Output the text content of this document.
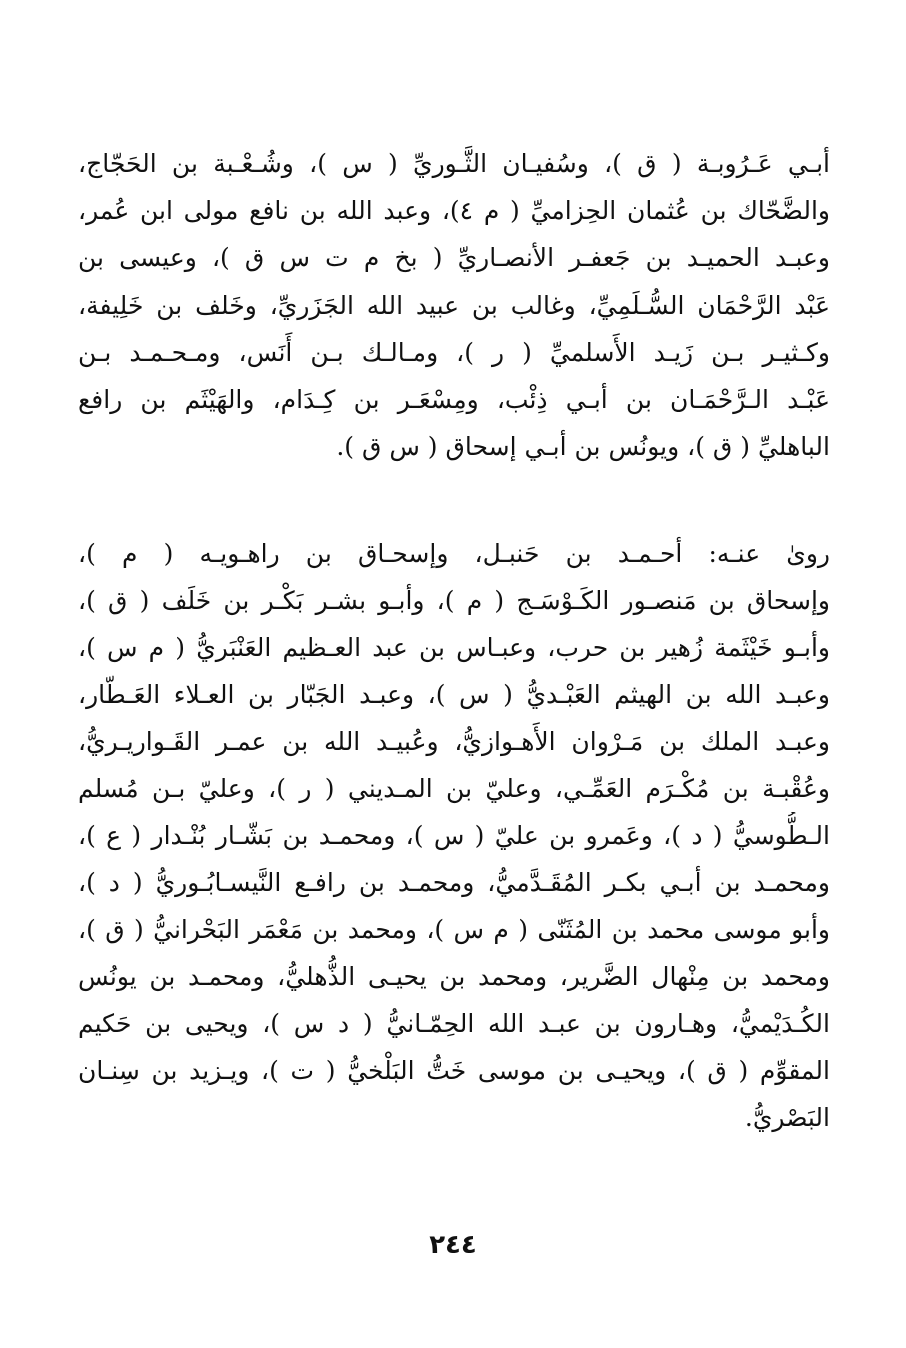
أبـي عَـرُوبـة ( ق )، وسُفيـان الثَّـوريِّ ( س )، وشُـعْـبة بن الحَجّاج،
والضَّحّاك بن عُثمان الحِزاميِّ ( م ٤)، وعبد الله بن نافع مولى ابن عُمر،
وعبـد الحميـد بن جَعفـر الأنصـاريِّ ( بخ م ت س ق )، وعيسى بن
عَبْد الرَّحْمَان السُّـلَمِيِّ، وغالب بن عبيد الله الجَزَريِّ، وخَلف بن خَلِيفة،
وكـثيـر بـن زَيـد الأَسلميِّ ( ر )، ومـالـك بـن أَنَس، ومـحـمـد بـن
عَبْـد الـرَّحْمَـان بن أبـي ذِئْب، ومِسْعَـر بن كِـدَام، والهَيْثَم بن رافع
الباهليِّ ( ق )، ويونُس بن أبـي إسحاق ( س ق ).
روىٰ عنـه: أحـمـد بن حَنبـل، وإسحـاق بن راهـويـه ( م )،
وإسحاق بن مَنصـور الكَـوْسَـج ( م )، وأبـو بشـر بَكْـر بن خَلَف ( ق )،
وأبـو خَيْثَمة زُهير بن حرب، وعبـاس بن عبد العـظيم العَنْبَريُّ ( م س )،
وعبـد الله بن الهيثم العَبْـديُّ ( س )، وعبـد الجَبّار بن العـلاء العَـطّار،
وعبـد الملك بن مَـرْوان الأَهـوازيُّ، وعُبيـد الله بن عمـر القَـواريـريُّ،
وعُقْبـة بن مُكْـرَم العَمِّـي، وعليّ بن المـديني ( ر )، وعليّ بـن مُسلم
الـطُّوسيُّ ( د )، وعَمرو بن عليّ ( س )، ومحمـد بن بَشّـار بُنْـدار ( ع )،
ومحمـد بن أبـي بكـر المُقَـدَّميُّ، ومحمـد بن رافـع النَّيسـابُـوريُّ ( د )،
وأبو موسى محمد بن المُثَنّى ( م س )، ومحمد بن مَعْمَر البَحْرانيُّ ( ق )،
ومحمد بن مِنْهال الضَّرير، ومحمد بن يحيـى الذُّهليُّ، ومحمـد بن يونُس
الكُـدَيْميُّ، وهـارون بن عبـد الله الحِمّـانيُّ ( د س )، ويحيى بن حَكيم
المقوِّم ( ق )، ويحيـى بن موسى خَتُّ البَلْخيُّ ( ت )، ويـزيد بن سِنـان
البَصْريُّ.
٢٤٤
